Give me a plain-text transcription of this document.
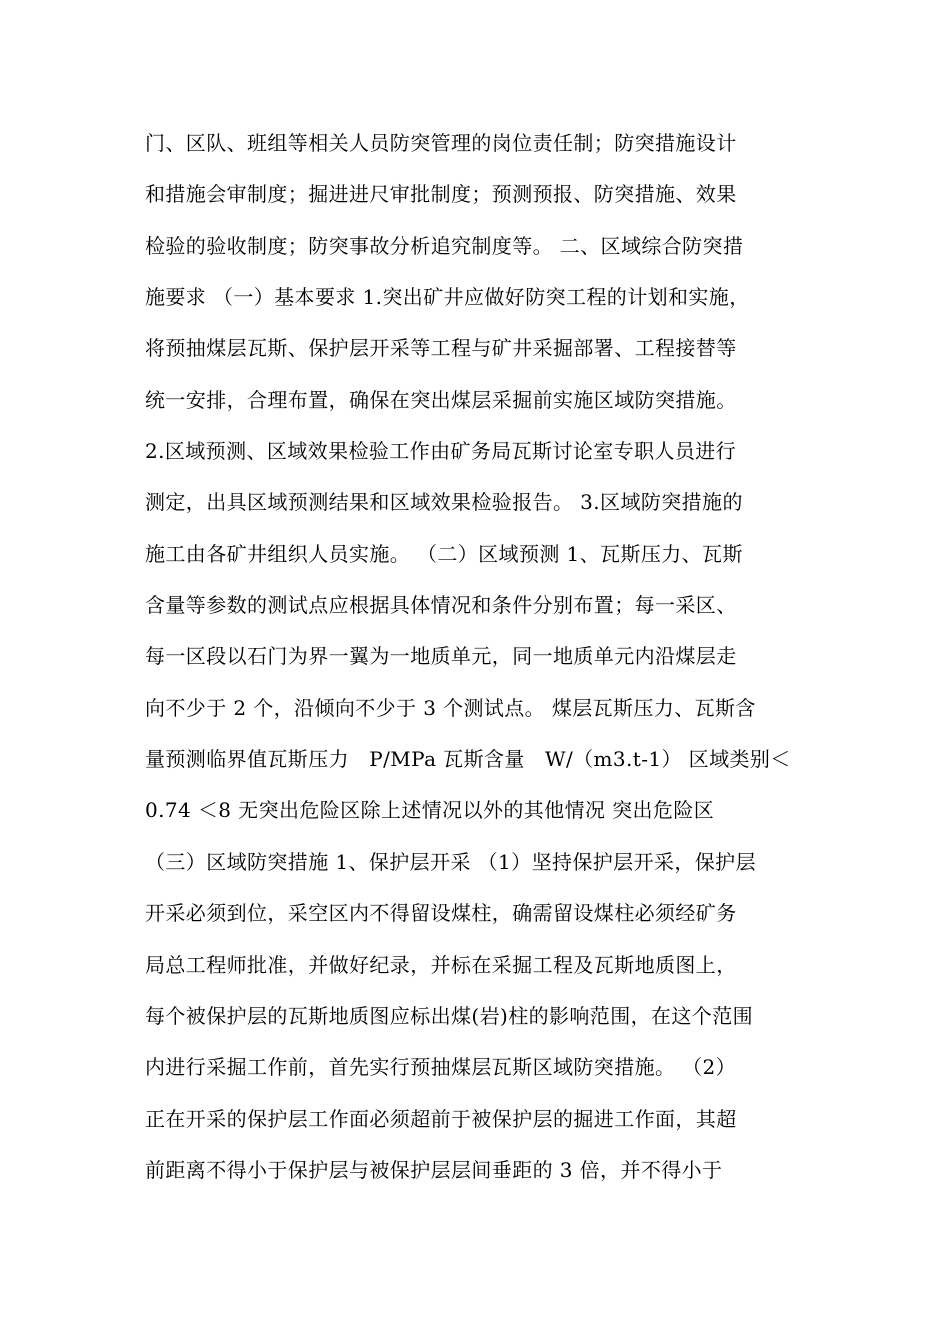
门、区队、班组等相关人员防突管理的岗位责任制；防突措施设计
和措施会审制度；掘进进尺审批制度；预测预报、防突措施、效果
检验的验收制度；防突事故分析追究制度等。 二、区域综合防突措
施要求 （一）基本要求 1.突出矿井应做好防突工程的计划和实施，
将预抽煤层瓦斯、保护层开采等工程与矿井采掘部署、工程接替等
统一安排，合理布置，确保在突出煤层采掘前实施区域防突措施。
2.区域预测、区域效果检验工作由矿务局瓦斯讨论室专职人员进行
测定，出具区域预测结果和区域效果检验报告。 3.区域防突措施的
施工由各矿井组织人员实施。 （二）区域预测 1、瓦斯压力、瓦斯
含量等参数的测试点应根据具体情况和条件分别布置；每一采区、
每一区段以石门为界一翼为一地质单元，同一地质单元内沿煤层走
向不少于 2 个，沿倾向不少于 3 个测试点。 煤层瓦斯压力、瓦斯含
量预测临界值瓦斯压力   P/MPa 瓦斯含量   W/（m3.t-1） 区域类别＜
0.74 ＜8 无突出危险区除上述情况以外的其他情况 突出危险区
（三）区域防突措施 1、保护层开采 （1）坚持保护层开采，保护层
开采必须到位，采空区内不得留设煤柱，确需留设煤柱必须经矿务
局总工程师批准，并做好纪录，并标在采掘工程及瓦斯地质图上，
每个被保护层的瓦斯地质图应标出煤(岩)柱的影响范围，在这个范围
内进行采掘工作前，首先实行预抽煤层瓦斯区域防突措施。 （2）
正在开采的保护层工作面必须超前于被保护层的掘进工作面，其超
前距离不得小于保护层与被保护层层间垂距的 3 倍，并不得小于
